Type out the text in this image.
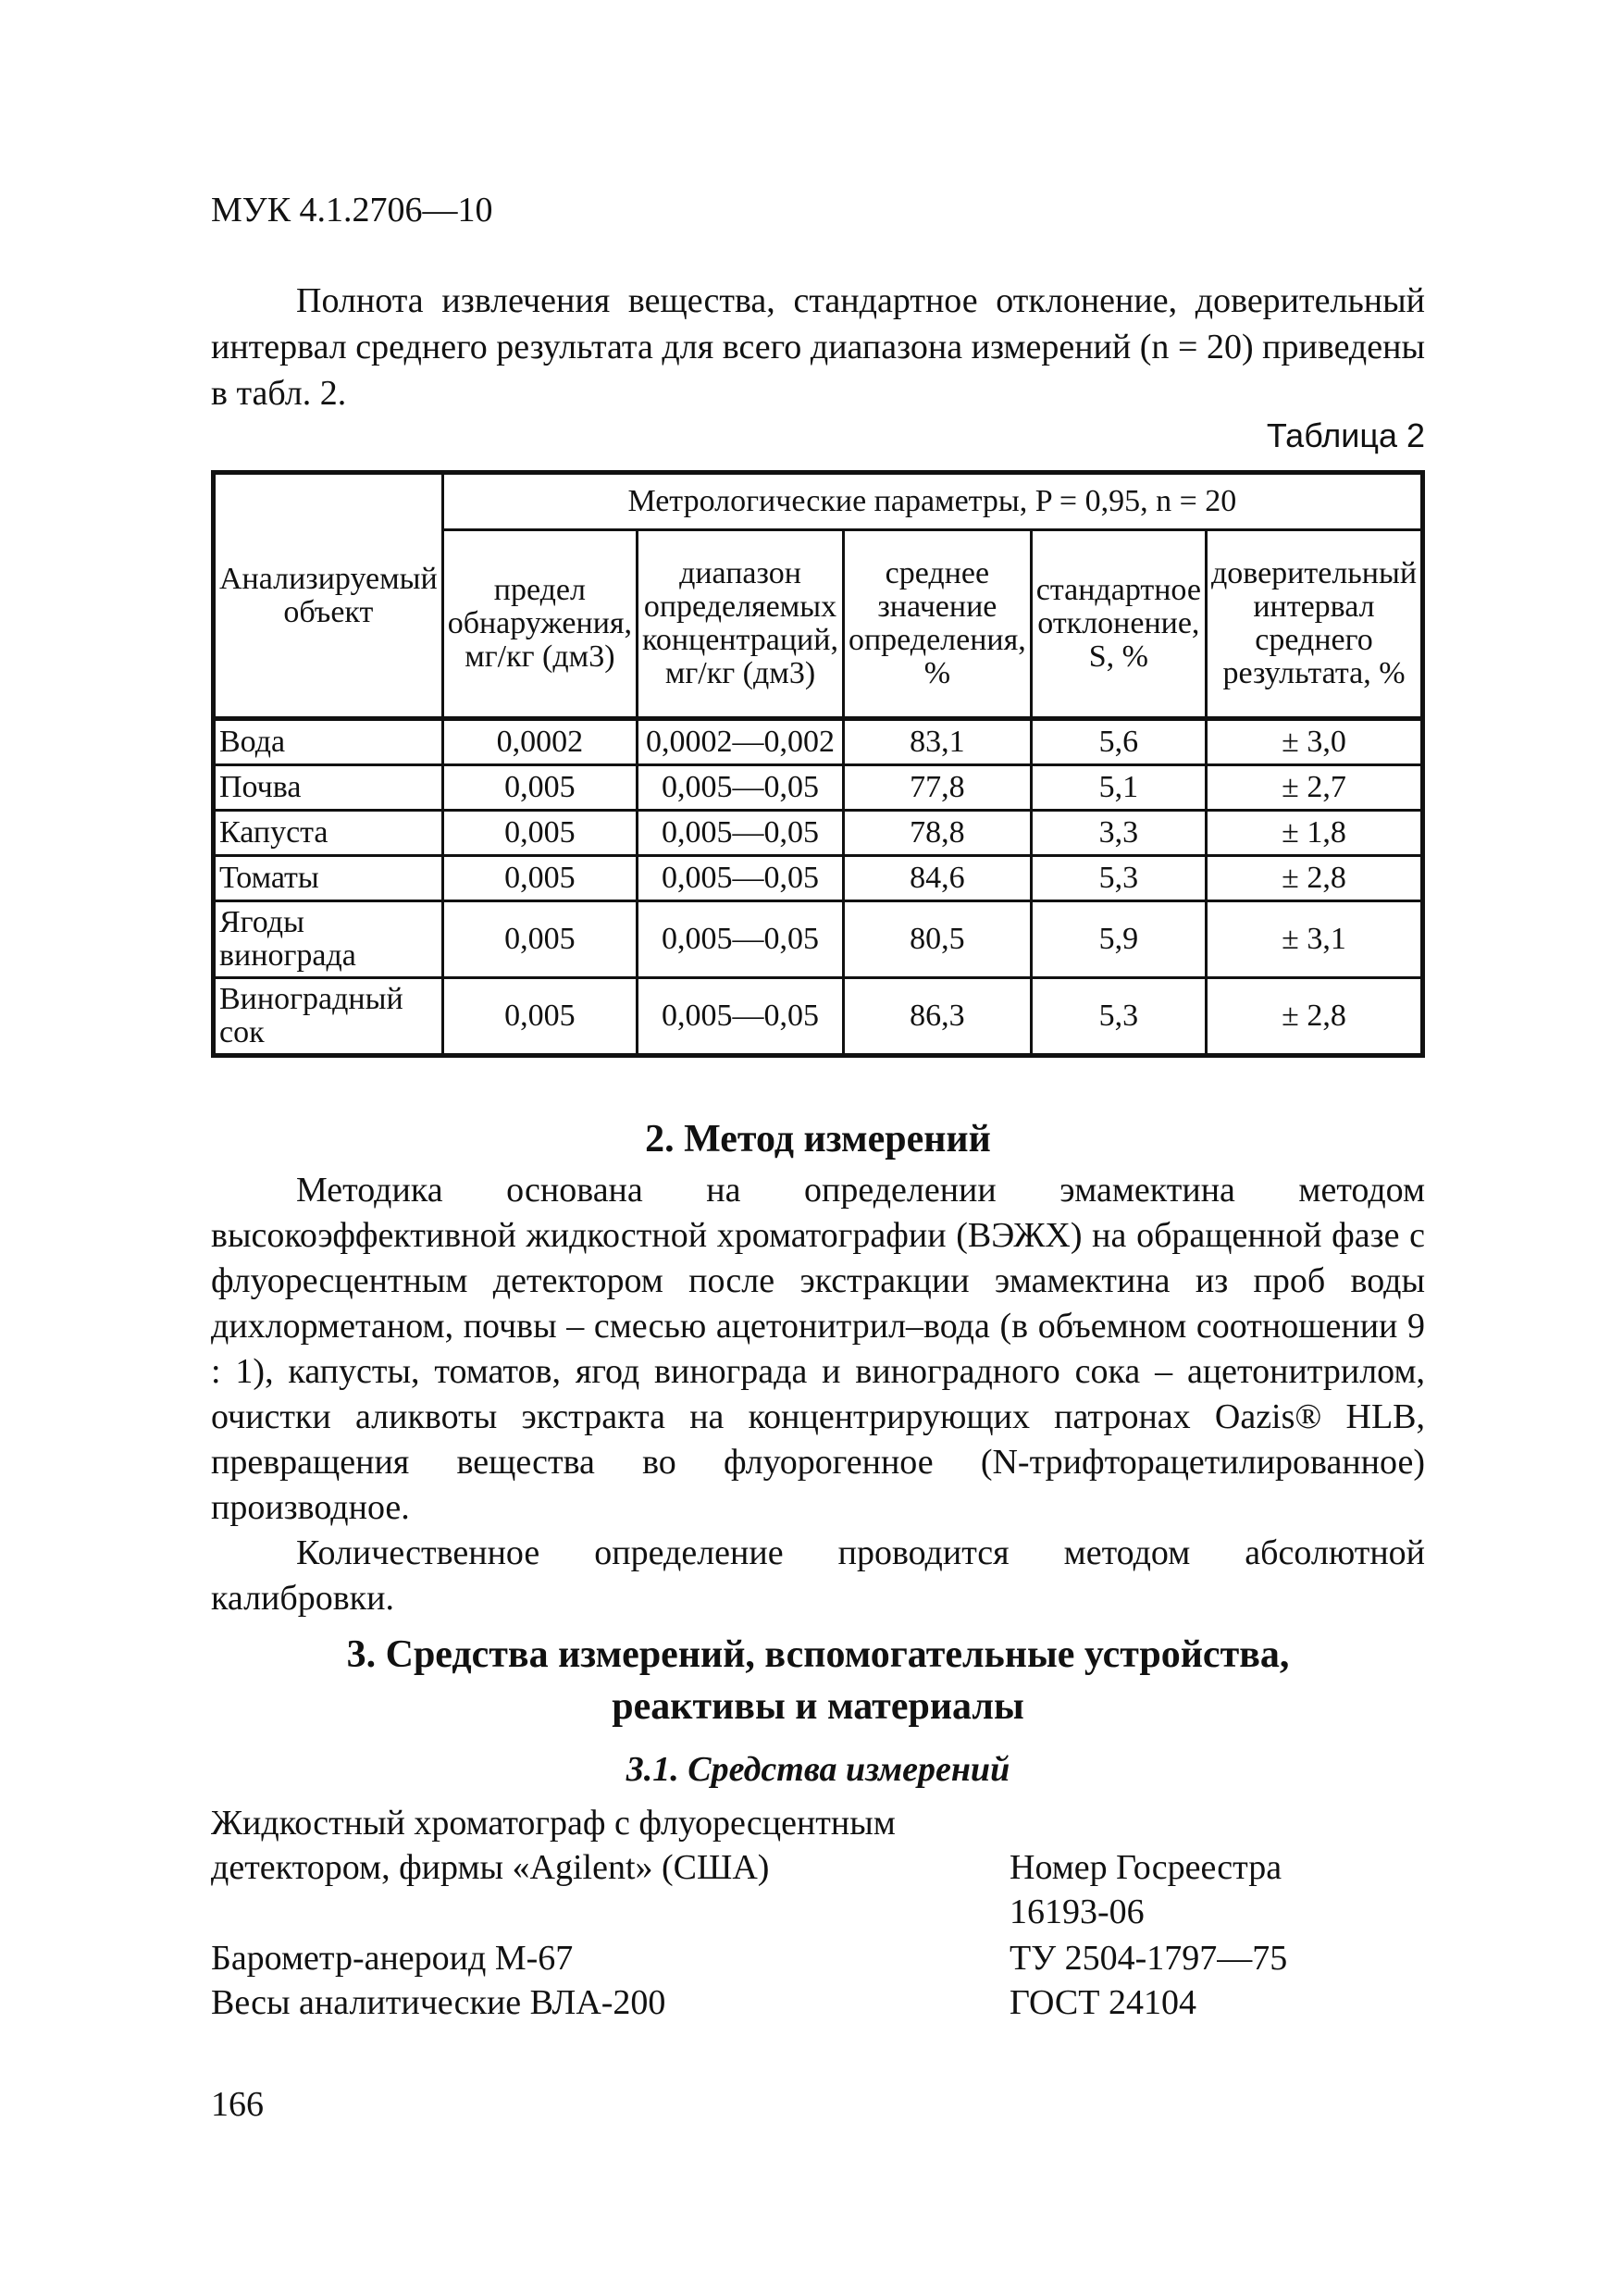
МУК 4.1.2706—10

Полнота извлечения вещества, стандартное отклонение, доверительный интервал среднего результата для всего диапазона измерений (n = 20) приведены в табл. 2.

Таблица 2
Анализируемый объект	Метрологические параметры, P = 0,95, n = 20				
	предел обнаружения, мг/кг (дм3)	диапазон определяемых концентраций, мг/кг (дм3)	среднее значение определения, %	стандартное отклонение, S, %	доверительный интервал среднего результата, %
Вода	0,0002	0,0002—0,002	83,1	5,6	± 3,0
Почва	0,005	0,005—0,05	77,8	5,1	± 2,7
Капуста	0,005	0,005—0,05	78,8	3,3	± 1,8
Томаты	0,005	0,005—0,05	84,6	5,3	± 2,8
Ягоды винограда	0,005	0,005—0,05	80,5	5,9	± 3,1
Виноградный сок	0,005	0,005—0,05	86,3	5,3	± 2,8
2. Метод измерений

Методика основана на определении эмамектина методом высокоэффективной жидкостной хроматографии (ВЭЖХ) на обращенной фазе с флуоресцентным детектором после экстракции эмамектина из проб воды дихлорметаном, почвы – смесью ацетонитрил–вода (в объемном соотношении 9 : 1), капусты, томатов, ягод винограда и виноградного сока – ацетонитрилом, очистки аликвоты экстракта на концентрирующих патронах Oazis® HLB, превращения вещества во флуорогенное (N-трифторацетилированное) производное.

Количественное определение проводится методом абсолютной калибровки.

3. Средства измерений, вспомогательные устройства,
реактивы и материалы
3.1. Средства измерений
Жидкостный хроматограф с флуоресцентным
детектором, фирмы «Agilent» (США)	Номер Госреестра
16193-06
Барометр-анероид М-67	ТУ 2504-1797—75
Весы аналитические ВЛА-200	ГОСТ 24104
166
